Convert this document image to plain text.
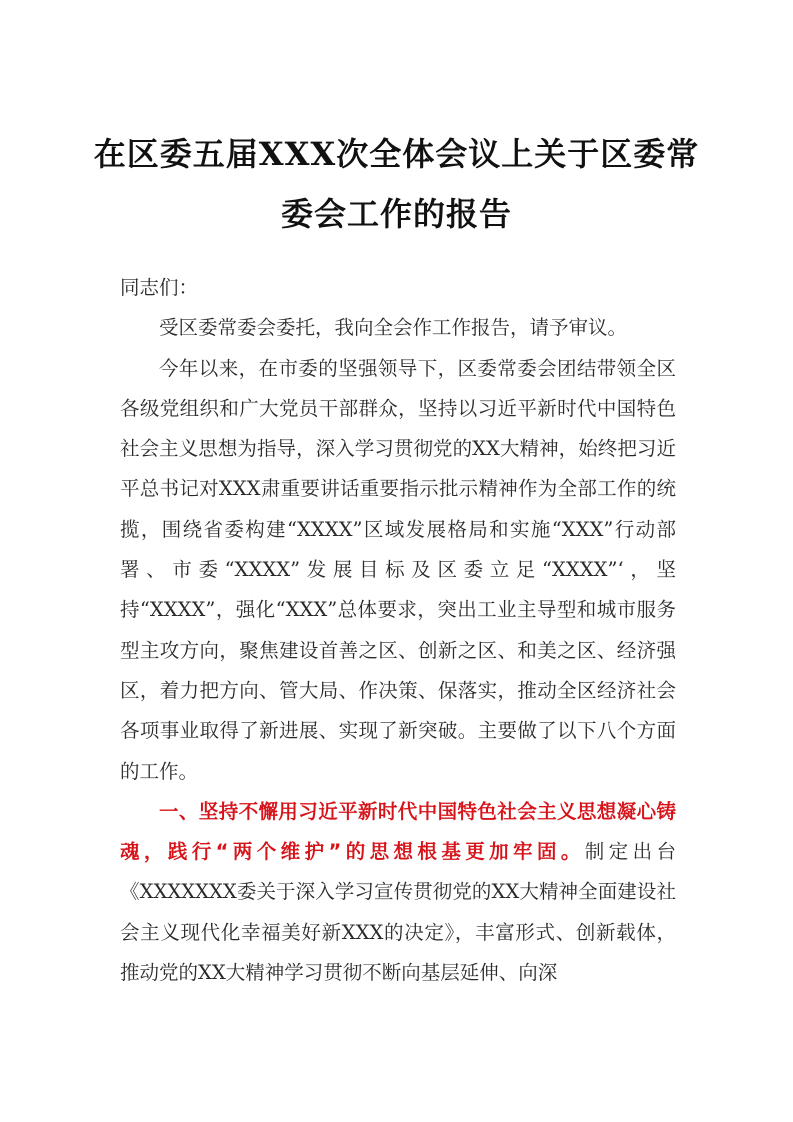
在区委五届XXX次全体会议上关于区委常
委会工作的报告

同志们：

受区委常委会委托，我向全会作工作报告，请予审议。

今年以来，在市委的坚强领导下，区委常委会团结带领全区各级党组织和广大党员干部群众，坚持以习近平新时代中国特色社会主义思想为指导，深入学习贯彻党的XX大精神，始终把习近平总书记对XXX肃重要讲话重要指示批示精神作为全部工作的统揽，围绕省委构建“XXXX”区域发展格局和实施“XXX”行动部署、市委“XXXX”发展目标及区委立足“XXXX”‘，坚持“XXXX”，强化“XXX”总体要求，突出工业主导型和城市服务型主攻方向，聚焦建设首善之区、创新之区、和美之区、经济强区，着力把方向、管大局、作决策、保落实，推动全区经济社会各项事业取得了新进展、实现了新突破。主要做了以下八个方面的工作。

一、坚持不懈用习近平新时代中国特色社会主义思想凝心铸魂，践行“两个维护”的思想根基更加牢固。制定出台《XXXXXXX委关于深入学习宣传贯彻党的XX大精神全面建设社会主义现代化幸福美好新XXX的决定》，丰富形式、创新载体，推动党的XX大精神学习贯彻不断向基层延伸、向深
